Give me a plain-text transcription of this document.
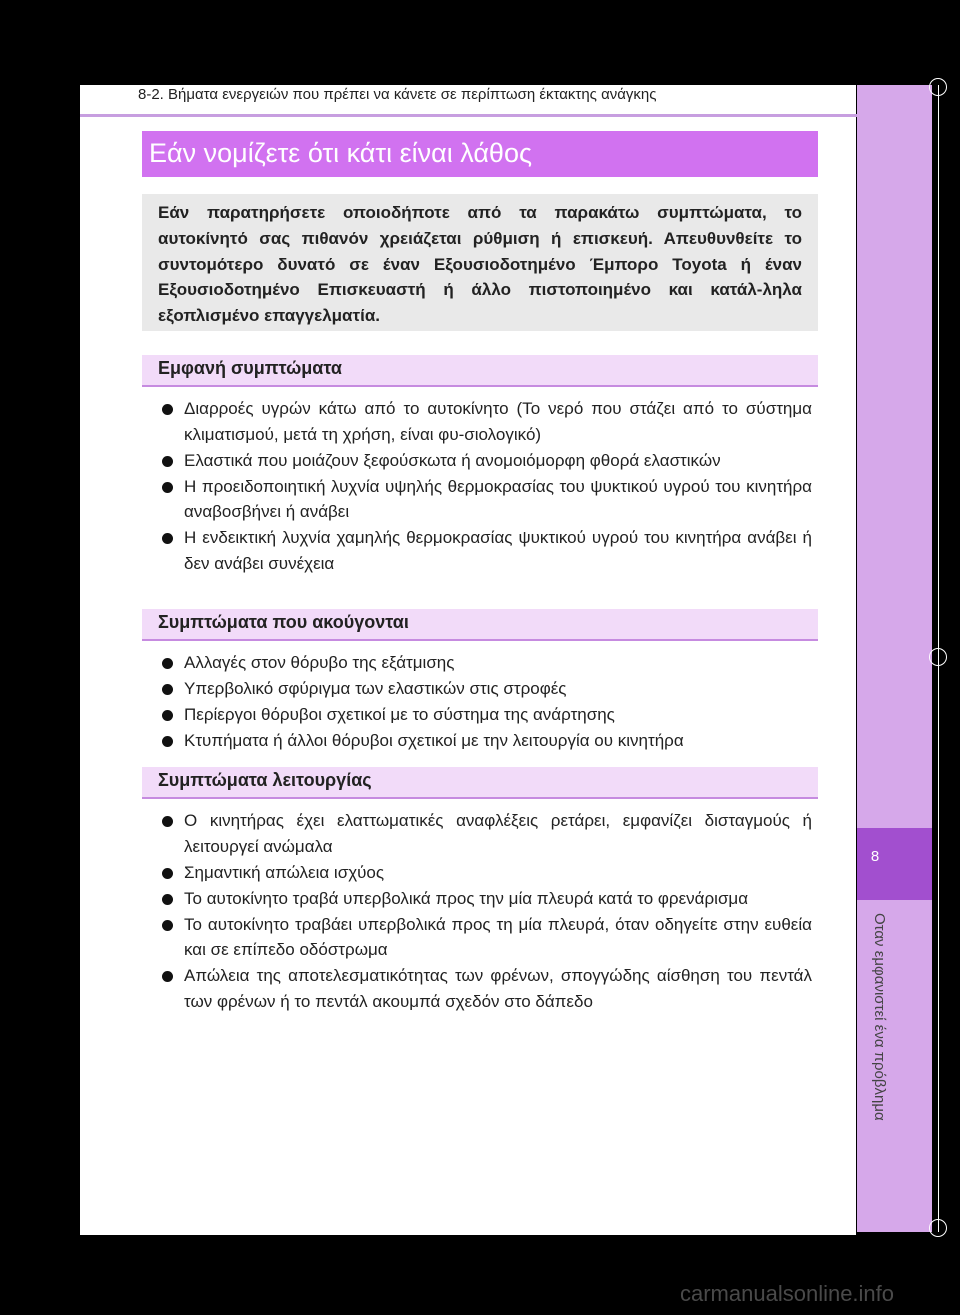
8-2. Βήματα ενεργειών που πρέπει να κάνετε σε περίπτωση έκτακτης ανάγκης
8
Οταν εμφανιστεί ένα πρόβλημα
Εάν νομίζετε ότι κάτι είναι λάθος

Εάν παρατηρήσετε οποιοδήποτε από τα παρακάτω συμπτώματα, το αυτοκίνητό σας πιθανόν χρειάζεται ρύθμιση ή επισκευή. Απευθυνθείτε το συντομότερο δυνατό σε έναν Εξουσιοδοτημένο Έμπορο Toyota ή έναν Εξουσιοδοτημένο Επισκευαστή ή άλλο πιστοποιημένο και κατάλ-ληλα εξοπλισμένο επαγγελματία.

Εμφανή συμπτώματα
Διαρροές υγρών κάτω από το αυτοκίνητο (Το νερό που στάζει από το σύστημα κλιματισμού, μετά τη χρήση, είναι φυ-σιολογικό)
Ελαστικά που μοιάζουν ξεφούσκωτα ή ανομοιόμορφη φθορά ελαστικών
Η προειδοποιητική λυχνία υψηλής θερμοκρασίας του ψυκτικού υγρού του κινητήρα αναβοσβήνει ή ανάβει
Η ενδεικτική λυχνία χαμηλής θερμοκρασίας ψυκτικού υγρού του κινητήρα ανάβει ή δεν ανάβει συνέχεια
Συμπτώματα που ακούγονται
Αλλαγές στον θόρυβο της εξάτμισης
Υπερβολικό σφύριγμα των ελαστικών στις στροφές
Περίεργοι θόρυβοι σχετικοί με το σύστημα της ανάρτησης
Κτυπήματα ή άλλοι θόρυβοι σχετικοί με την λειτουργία ου κινητήρα
Συμπτώματα λειτουργίας
Ο κινητήρας έχει ελαττωματικές αναφλέξεις ρετάρει, εμφανίζει δισταγμούς ή λειτουργεί ανώμαλα
Σημαντική απώλεια ισχύος
Το αυτοκίνητο τραβά υπερβολικά προς την μία πλευρά κατά το φρενάρισμα
Το αυτοκίνητο τραβάει υπερβολικά προς τη μία πλευρά, όταν οδηγείτε στην ευθεία και σε επίπεδο οδόστρωμα
Απώλεια της αποτελεσματικότητας των φρένων, σπογγώδης αίσθηση του πεντάλ των φρένων ή το πεντάλ ακουμπά σχεδόν στο δάπεδο
carmanualsonline.info
